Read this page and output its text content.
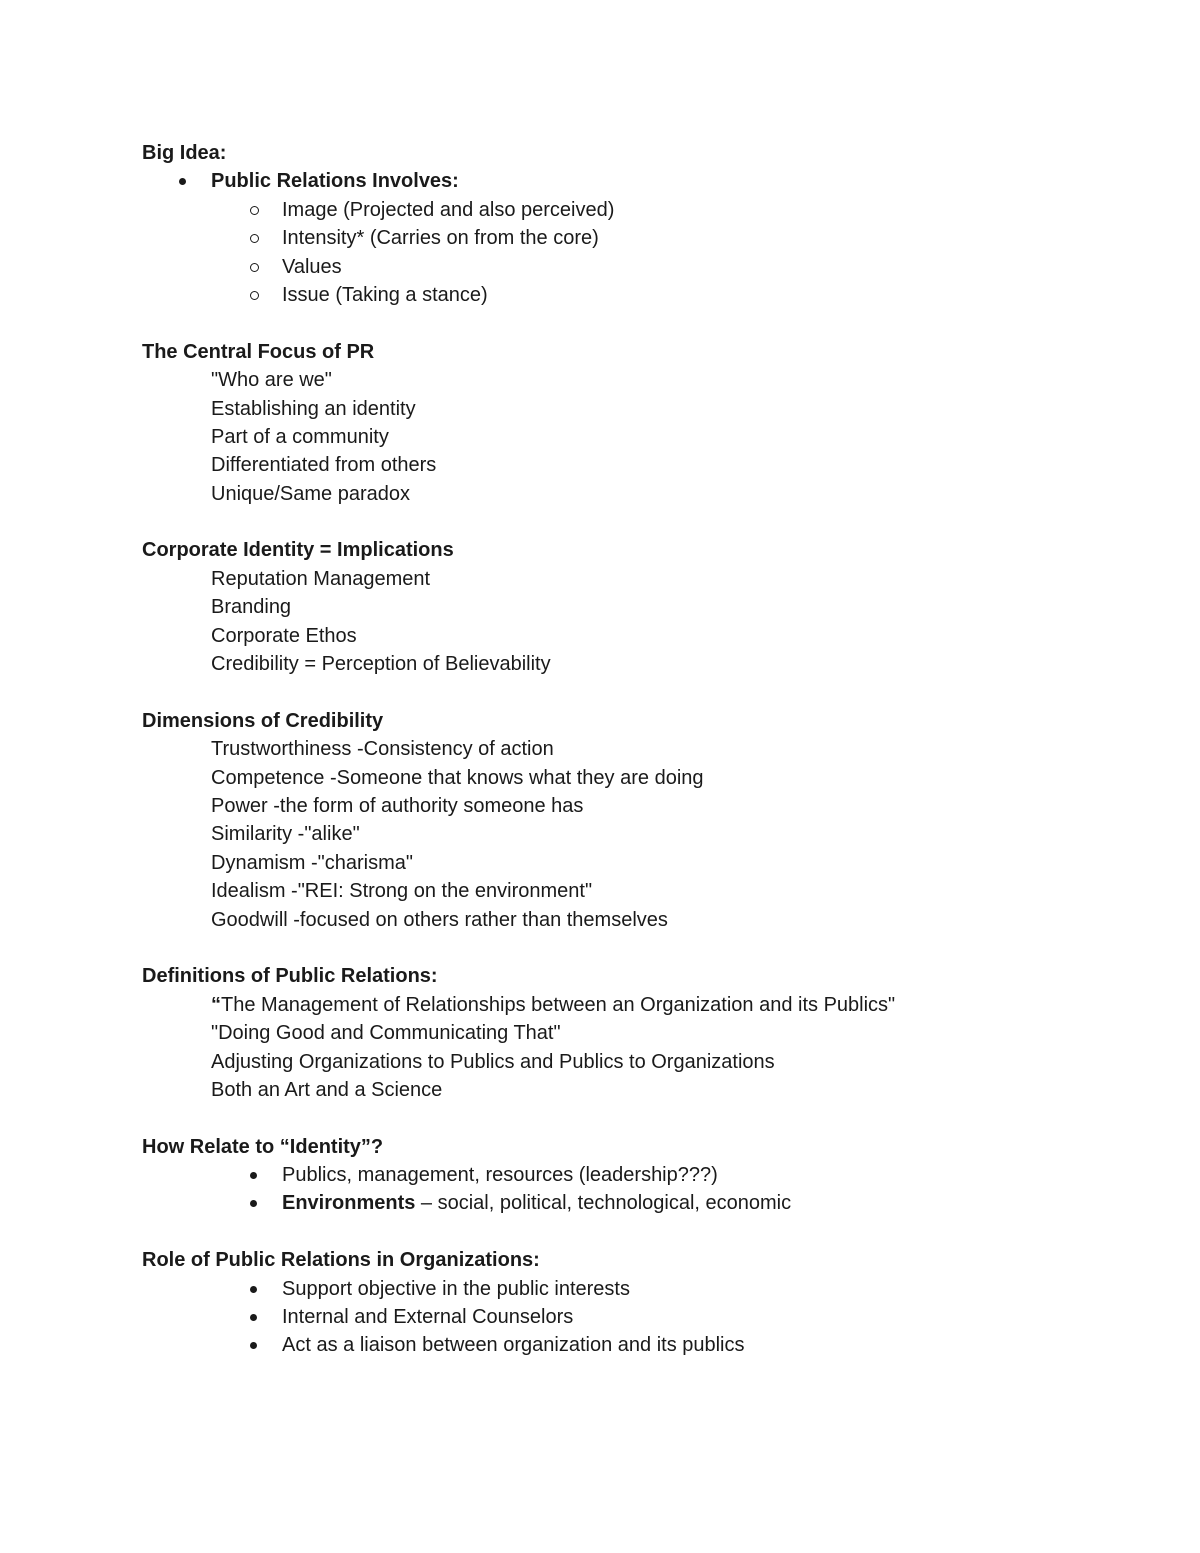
Big Idea:
Public Relations Involves:
Image (Projected and also perceived)
Intensity* (Carries on from the core)
Values
Issue (Taking a stance)
The Central Focus of PR
"Who are we"
Establishing an identity
Part of a community
Differentiated from others
Unique/Same paradox
Corporate Identity = Implications
Reputation Management
Branding
Corporate Ethos
Credibility = Perception of Believability
Dimensions of Credibility
Trustworthiness -Consistency of action
Competence -Someone that knows what they are doing
Power -the form of authority someone has
Similarity -"alike"
Dynamism -"charisma"
Idealism -"REI: Strong on the environment"
Goodwill -focused on others rather than themselves
Definitions of Public Relations:
“The Management of Relationships between an Organization and its Publics"
"Doing Good and Communicating That"
Adjusting Organizations to Publics and Publics to Organizations
Both an Art and a Science
How Relate to “Identity”?
Publics, management, resources (leadership???)
Environments – social, political, technological, economic
Role of Public Relations in Organizations:
Support objective in the public interests
Internal and External Counselors
Act as a liaison between organization and its publics
